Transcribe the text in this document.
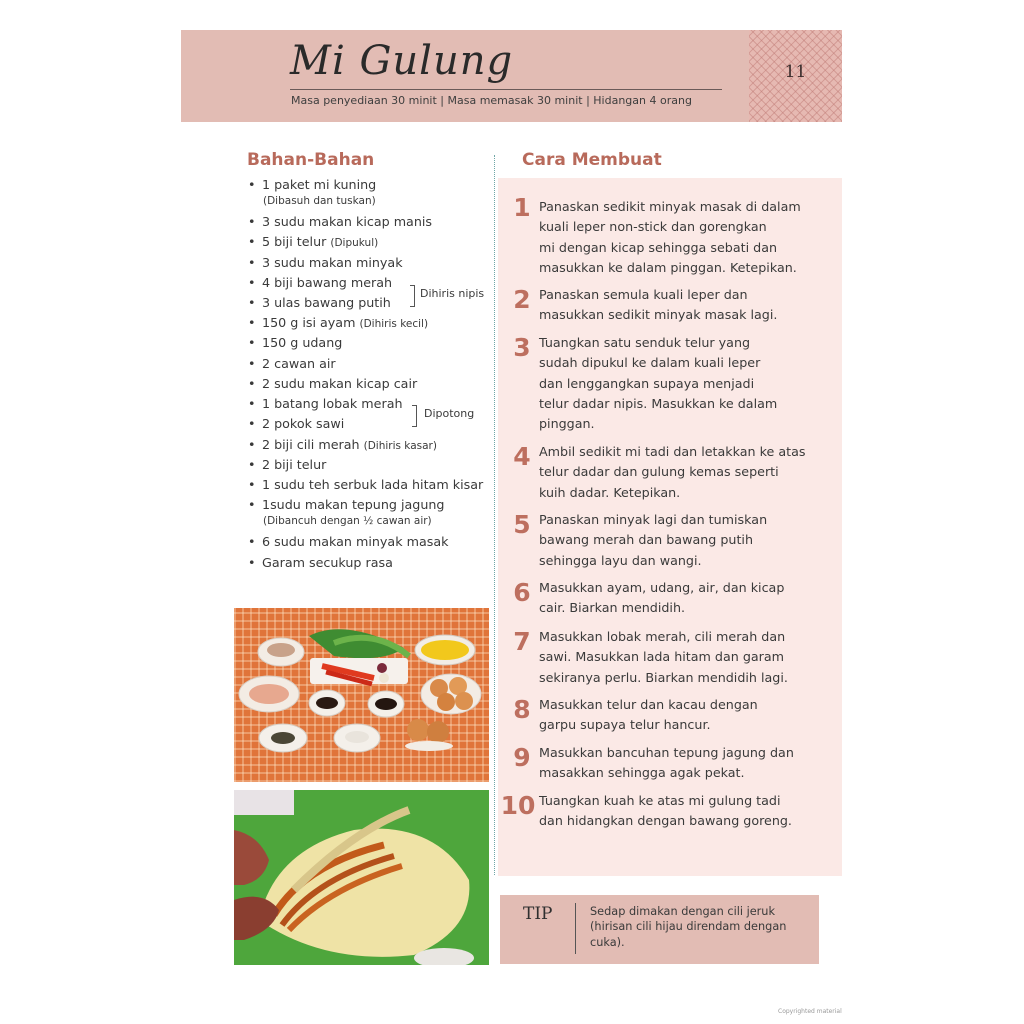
Mi Gulung
Masa penyediaan 30 minit | Masa memasak 30 minit | Hidangan 4 orang
11
Bahan-Bahan	Cara Membuat
1 paket mi kuning
(Dibasuh dan tuskan)
3 sudu makan kicap manis
5 biji telur (Dipukul)
3 sudu makan minyak
4 biji bawang merah
3 ulas bawang putih
150 g isi ayam (Dihiris kecil)
150 g udang
2 cawan air
2 sudu makan kicap cair
1 batang lobak merah
2 pokok sawi
2 biji cili merah (Dihiris kasar)
2 biji telur
1 sudu teh serbuk lada hitam kisar
1sudu makan tepung jagung
(Dibancuh dengan ½ cawan air)
6 sudu makan minyak masak
Garam secukup rasa
Dihiris nipis
Dipotong
1 Panaskan sedikit minyak masak di dalam
kuali leper non-stick dan gorengkan
mi dengan kicap sehingga sebati dan
masukkan ke dalam pinggan. Ketepikan.
2 Panaskan semula kuali leper dan
masukkan sedikit minyak masak lagi.
3 Tuangkan satu senduk telur yang
sudah dipukul ke dalam kuali leper
dan lenggangkan supaya menjadi
telur dadar nipis. Masukkan ke dalam
pinggan.
4 Ambil sedikit mi tadi dan letakkan ke atas
telur dadar dan gulung kemas seperti
kuih dadar. Ketepikan.
5 Panaskan minyak lagi dan tumiskan
bawang merah dan bawang putih
sehingga layu dan wangi.
6 Masukkan ayam, udang, air, dan kicap
cair. Biarkan mendidih.
7 Masukkan lobak merah, cili merah dan
sawi. Masukkan lada hitam dan garam
sekiranya perlu. Biarkan mendidih lagi.
8 Masukkan telur dan kacau dengan
garpu supaya telur hancur.
9 Masukkan bancuhan tepung jagung dan
masakkan sehingga agak pekat.
10 Tuangkan kuah ke atas mi gulung tadi
dan hidangkan dengan bawang goreng.
TIP	Sedap dimakan dengan cili jeruk
(hirisan cili hijau direndam dengan
cuka).
Copyrighted material
